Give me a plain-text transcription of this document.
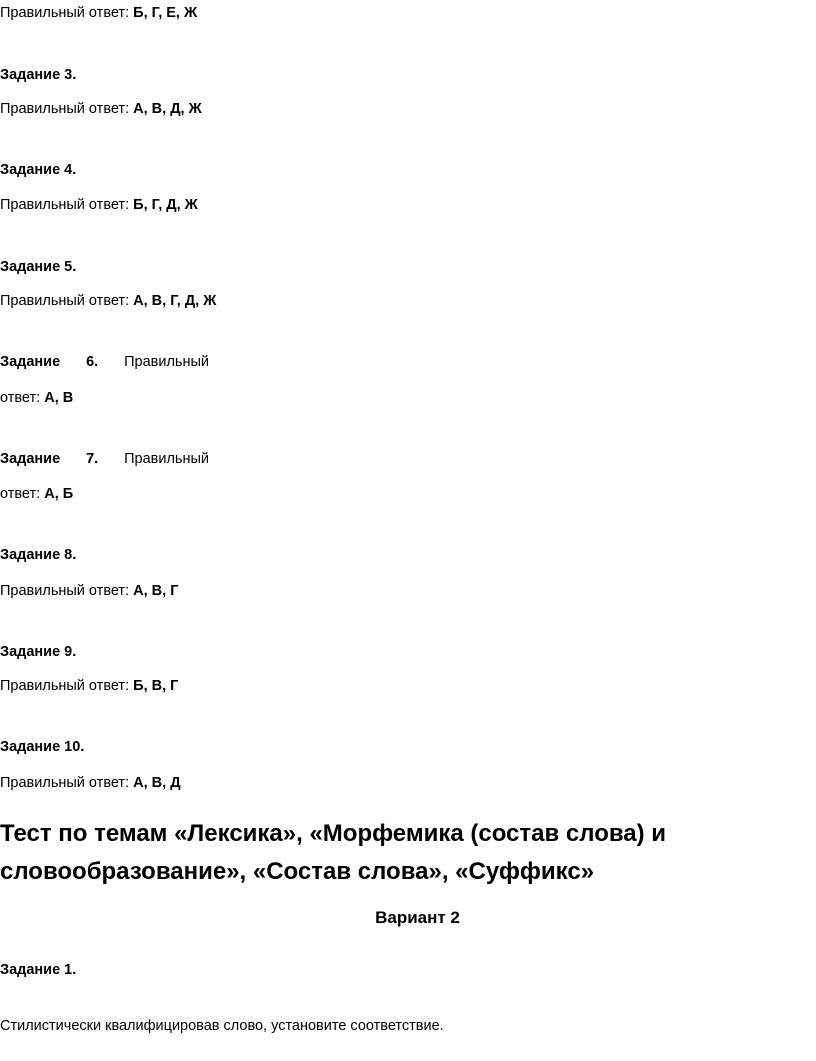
Правильный ответ: Б, Г, Е, Ж
Задание 3.
Правильный ответ: А, В, Д, Ж
Задание 4.
Правильный ответ: Б, Г, Д, Ж
Задание 5.
Правильный ответ: А, В, Г, Д, Ж
Задание 6. Правильный
ответ: А, В
Задание 7. Правильный
ответ: А, Б
Задание 8.
Правильный ответ: А, В, Г
Задание 9.
Правильный ответ: Б, В, Г
Задание 10.
Правильный ответ: А, В, Д
Тест по темам «Лексика», «Морфемика (состав слова) и
словообразование», «Состав слова», «Суффикс»
Вариант 2
Задание 1.
Стилистически квалифицировав слово, установите соответствие.
